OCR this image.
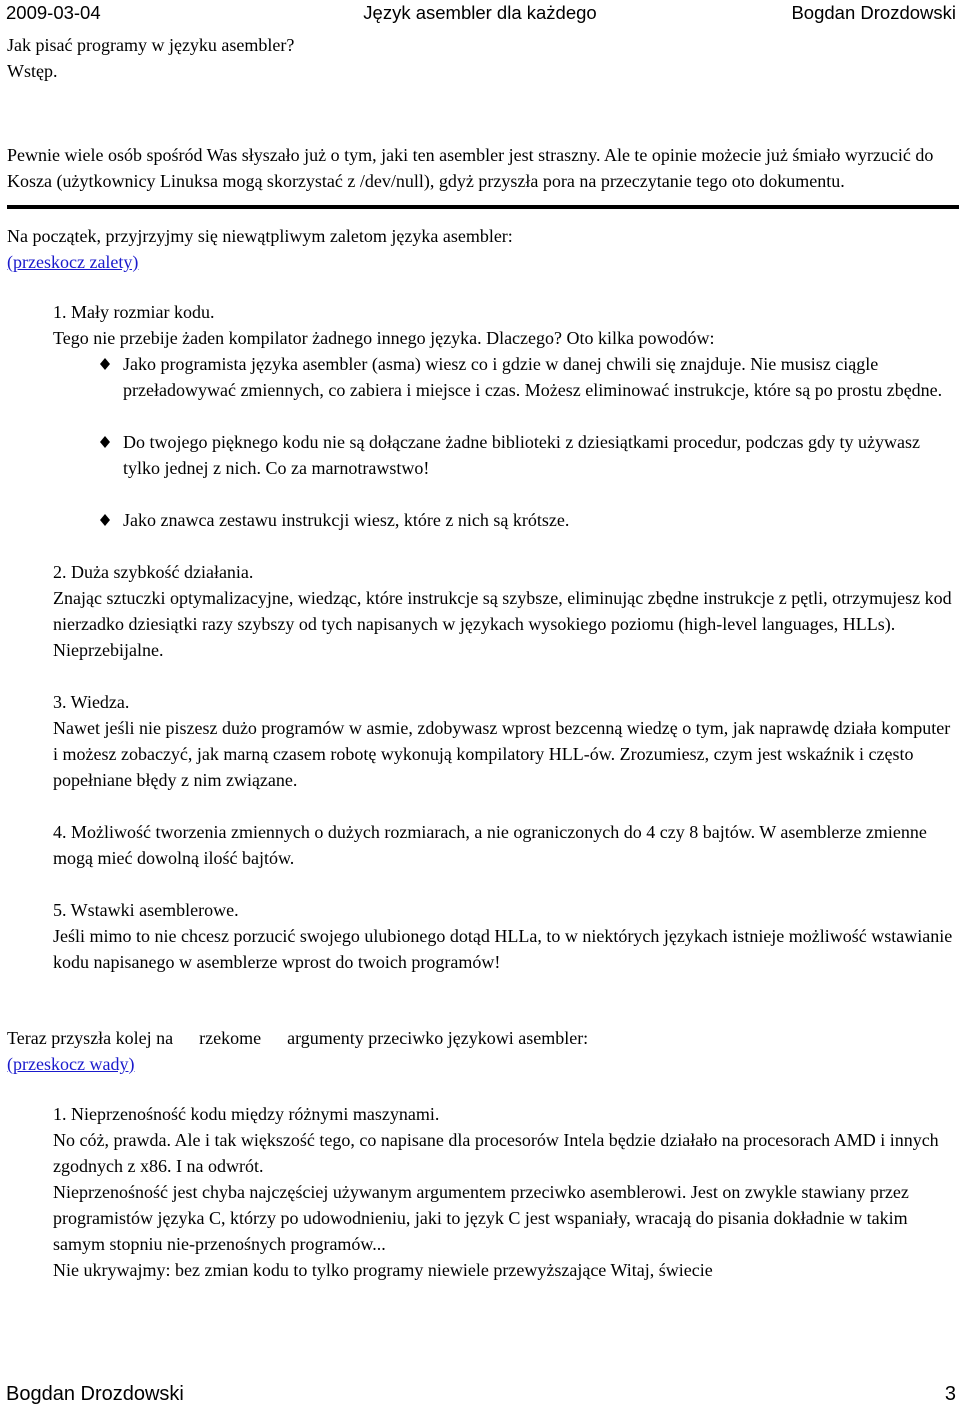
2009-03-04	Język asembler dla każdego	Bogdan Drozdowski

Jak pisać programy w języku asembler?

Wstęp.

Pewnie wiele osób spośród Was słyszało już o tym, jaki ten asembler jest straszny. Ale te opinie możecie już śmiało wyrzucić do Kosza (użytkownicy Linuksa mogą skorzystać z /dev/null), gdyż przyszła pora na przeczytanie tego oto dokumentu.

Na początek, przyjrzyjmy się niewątpliwym zaletom języka asembler:

(przeskocz zalety)

1. Mały rozmiar kodu.
Tego nie przebije żaden kompilator żadnego innego języka. Dlaczego? Oto kilka powodów:
Jako programista języka asembler (asma) wiesz co i gdzie w danej chwili się znajduje. Nie musisz ciągle przeładowywać zmiennych, co zabiera i miejsce i czas. Możesz eliminować instrukcje, które są po prostu zbędne.
Do twojego pięknego kodu nie są dołączane żadne biblioteki z dziesiątkami procedur, podczas gdy ty używasz tylko jednej z nich. Co za marnotrawstwo!
Jako znawca zestawu instrukcji wiesz, które z nich są krótsze.
2. Duża szybkość działania.
Znając sztuczki optymalizacyjne, wiedząc, które instrukcje są szybsze, eliminując zbędne instrukcje z pętli, otrzymujesz kod nierzadko dziesiątki razy szybszy od tych napisanych w językach wysokiego poziomu (high-level languages, HLLs). Nieprzebijalne.
3. Wiedza.
Nawet jeśli nie piszesz dużo programów w asmie, zdobywasz wprost bezcenną wiedzę o tym, jak naprawdę działa komputer i możesz zobaczyć, jak marną czasem robotę wykonują kompilatory HLL-ów. Zrozumiesz, czym jest wskaźnik i często popełniane błędy z nim związane.
4. Możliwość tworzenia zmiennych o dużych rozmiarach, a nie ograniczonych do 4 czy 8 bajtów. W asemblerze zmienne mogą mieć dowolną ilość bajtów.
5. Wstawki asemblerowe.
Jeśli mimo to nie chcesz porzucić swojego ulubionego dotąd HLLa, to w niektórych językach istnieje możliwość wstawianie kodu napisanego w asemblerze wprost do twoich programów!

Teraz przyszła kolej na rzekome argumenty przeciwko językowi asembler:

(przeskocz wady)

1. Nieprzenośność kodu między różnymi maszynami.
No cóż, prawda. Ale i tak większość tego, co napisane dla procesorów Intela będzie działało na procesorach AMD i innych zgodnych z x86. I na odwrót.
Nieprzenośność jest chyba najczęściej używanym argumentem przeciwko asemblerowi. Jest on zwykle stawiany przez programistów języka C, którzy po udowodnieniu, jaki to język C jest wspaniały, wracają do pisania dokładnie w takim samym stopniu nie-przenośnych programów...
Nie ukrywajmy: bez zmian kodu to tylko programy niewiele przewyższające Witaj, świecie
Bogdan Drozdowski	3
